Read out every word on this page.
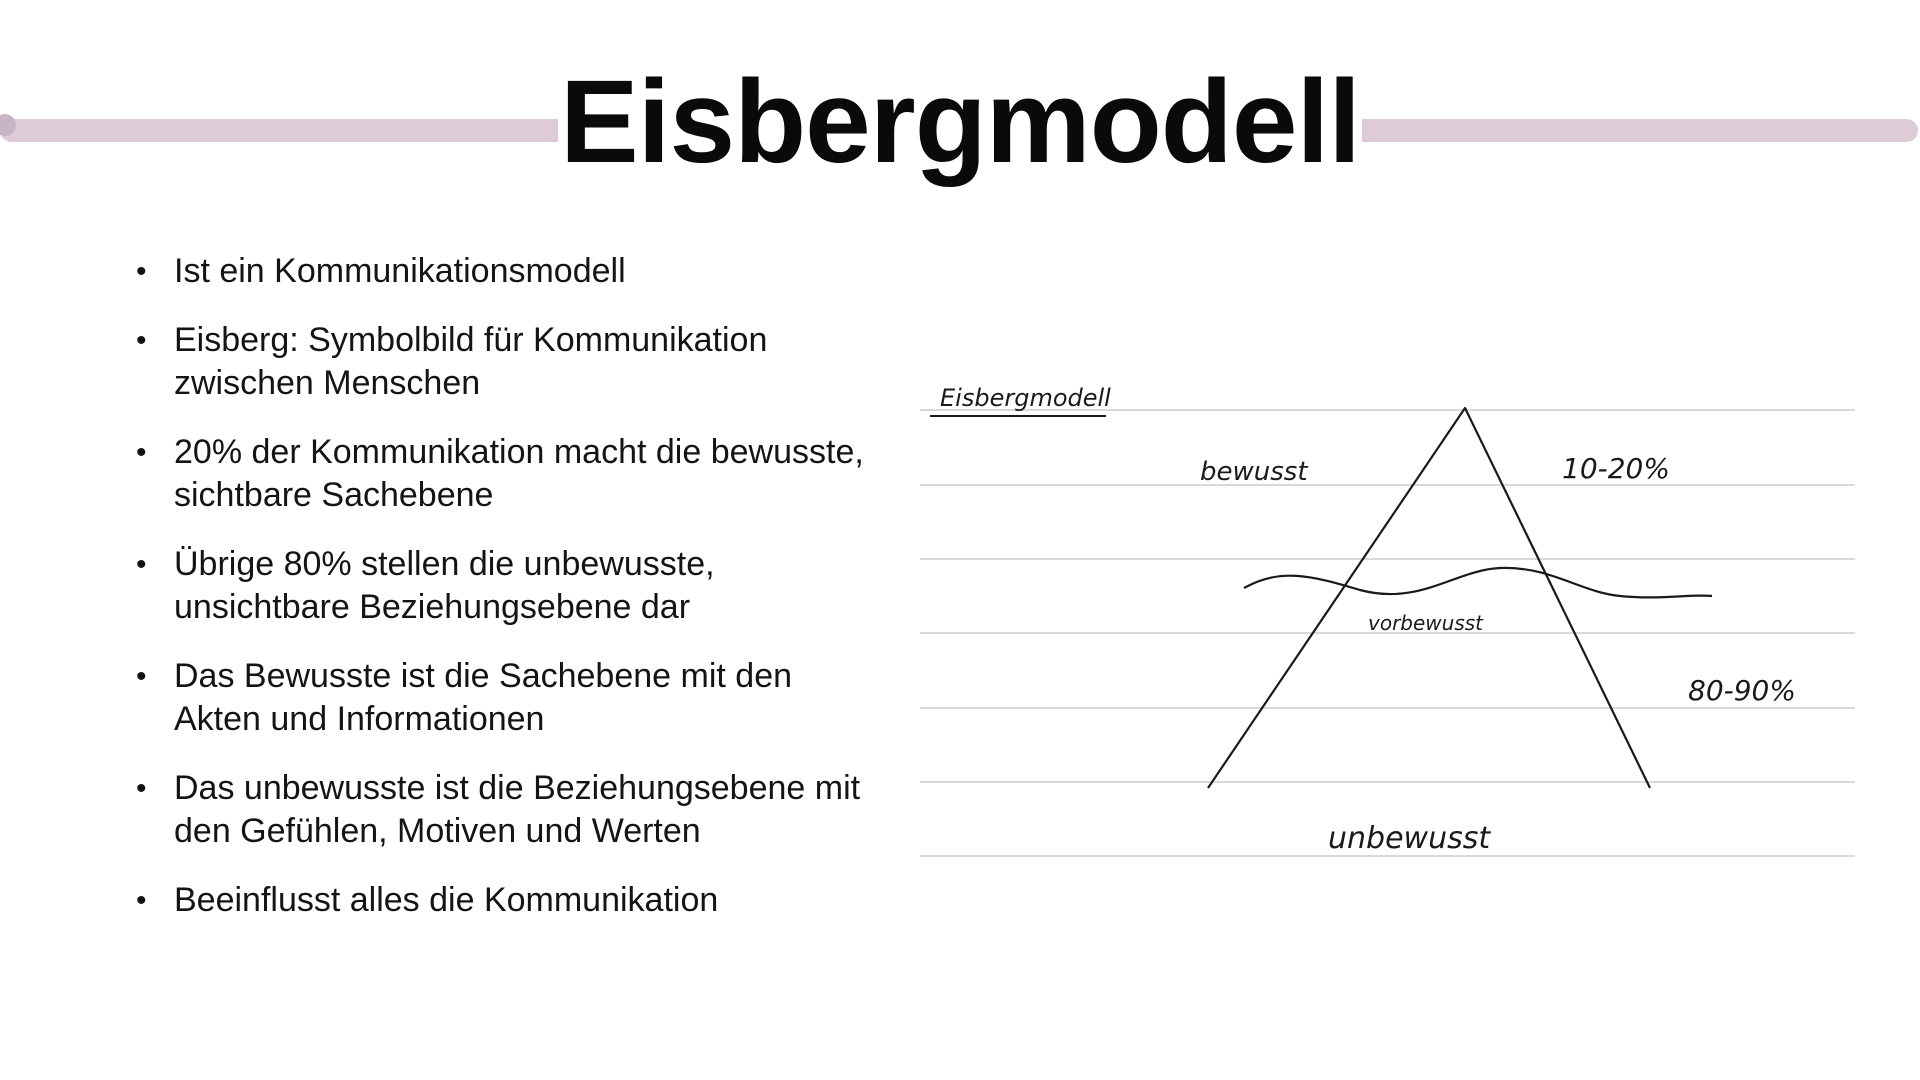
Eisbergmodell
• Ist ein Kommunikationsmodell
• Eisberg: Symbolbild für Kommunikation zwischen Menschen
• 20% der Kommunikation macht die bewusste, sichtbare Sachebene
• Übrige 80% stellen die unbewusste, unsichtbare Beziehungsebene dar
• Das Bewusste ist die Sachebene mit den Akten und Informationen
• Das unbewusste ist die Beziehungsebene mit den Gefühlen, Motiven und Werten
• Beeinflusst alles die Kommunikation
Eisbergmodell
bewusst	10-20%
vorbewusst
80-90%
unbewusst
